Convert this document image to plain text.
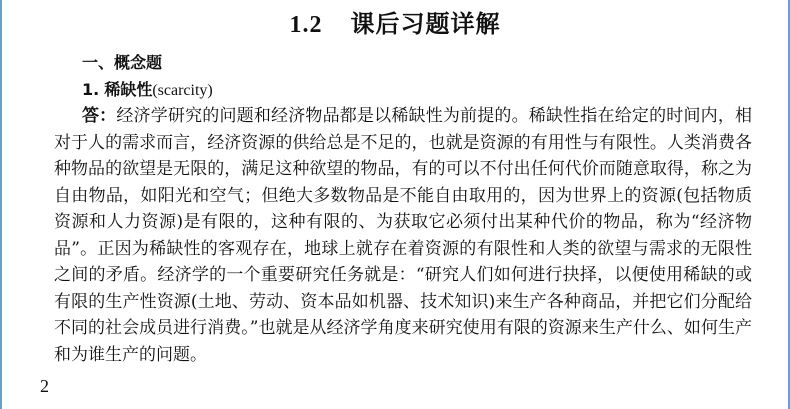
1.2 课后习题详解
一、概念题
1. 稀缺性(scarcity)

答：经济学研究的问题和经济物品都是以稀缺性为前提的。稀缺性指在给定的时间内，相对于人的需求而言，经济资源的供给总是不足的，也就是资源的有用性与有限性。人类消费各种物品的欲望是无限的，满足这种欲望的物品，有的可以不付出任何代价而随意取得，称之为自由物品，如阳光和空气；但绝大多数物品是不能自由取用的，因为世界上的资源(包括物质资源和人力资源)是有限的，这种有限的、为获取它必须付出某种代价的物品，称为“经济物品”。正因为稀缺性的客观存在，地球上就存在着资源的有限性和人类的欲望与需求的无限性之间的矛盾。经济学的一个重要研究任务就是：“研究人们如何进行抉择，以便使用稀缺的或有限的生产性资源(土地、劳动、资本品如机器、技术知识)来生产各种商品，并把它们分配给不同的社会成员进行消费。”也就是从经济学角度来研究使用有限的资源来生产什么、如何生产和为谁生产的问题。

2
